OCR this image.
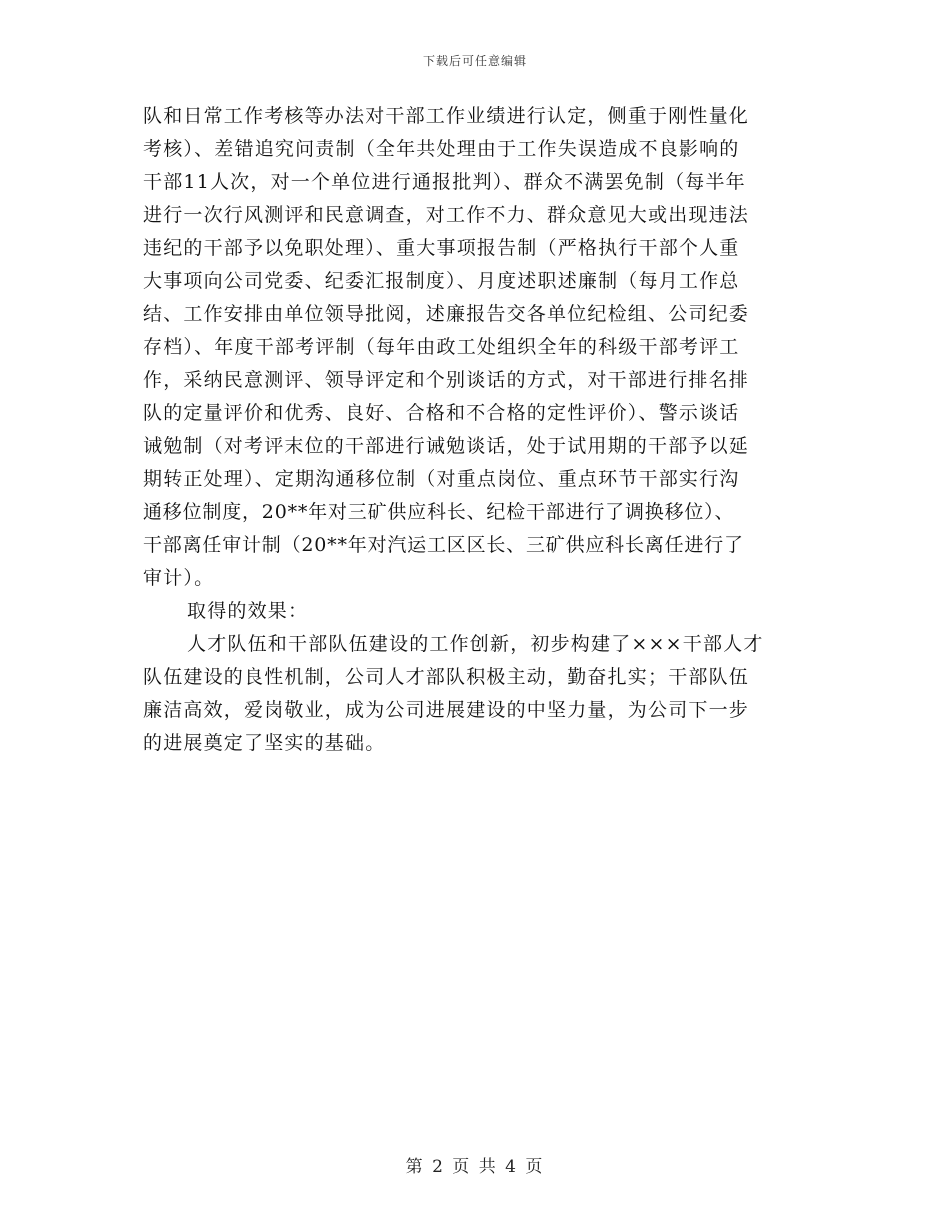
下载后可任意编辑
队和日常工作考核等办法对干部工作业绩进行认定，侧重于刚性量化
考核）、差错追究问责制（全年共处理由于工作失误造成不良影响的
干部11人次，对一个单位进行通报批判）、群众不满罢免制（每半年
进行一次行风测评和民意调查，对工作不力、群众意见大或出现违法
违纪的干部予以免职处理）、重大事项报告制（严格执行干部个人重
大事项向公司党委、纪委汇报制度）、月度述职述廉制（每月工作总
结、工作安排由单位领导批阅，述廉报告交各单位纪检组、公司纪委
存档）、年度干部考评制（每年由政工处组织全年的科级干部考评工
作，采纳民意测评、领导评定和个别谈话的方式，对干部进行排名排
队的定量评价和优秀、良好、合格和不合格的定性评价）、警示谈话
诫勉制（对考评末位的干部进行诫勉谈话，处于试用期的干部予以延
期转正处理）、定期沟通移位制（对重点岗位、重点环节干部实行沟
通移位制度，20**年对三矿供应科长、纪检干部进行了调换移位）、
干部离任审计制（20**年对汽运工区区长、三矿供应科长离任进行了
审计）。
取得的效果：
人才队伍和干部队伍建设的工作创新，初步构建了×××干部人才
队伍建设的良性机制，公司人才部队积极主动，勤奋扎实；干部队伍
廉洁高效，爱岗敬业，成为公司进展建设的中坚力量，为公司下一步
的进展奠定了坚实的基础。
第 2 页 共 4 页
